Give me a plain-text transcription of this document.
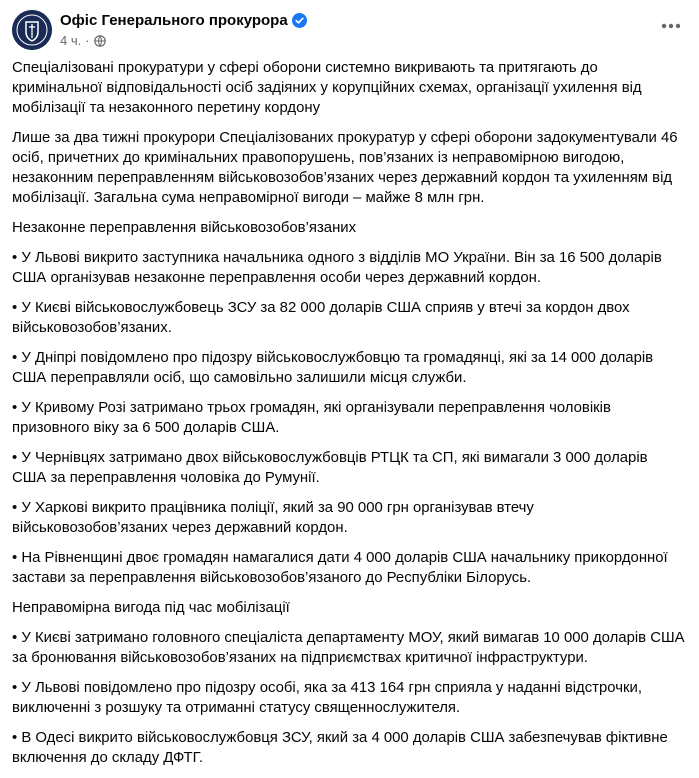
Офіс Генерального прокурора
4 ч. ·

Спеціалізовані прокуратури у сфері оборони системно викривають та притягають до кримінальної відповідальності осіб задіяних у корупційних схемах, організації ухилення від мобілізації та незаконного перетину кордону

Лише за два тижні прокурори Спеціалізованих прокуратур у сфері оборони задокументували 46 осіб, причетних до кримінальних правопорушень, пов’язаних із неправомірною вигодою, незаконним переправленням військовозобов’язаних через державний кордон та ухиленням від мобілізації. Загальна сума неправомірної вигоди – майже 8 млн грн.

Незаконне переправлення військовозобов’язаних

• У Львові викрито заступника начальника одного з відділів МО України. Він за 16 500 доларів США організував незаконне переправлення особи через державний кордон.

• У Києві військовослужбовець ЗСУ за 82 000 доларів США сприяв у втечі за кордон двох військовозобов’язаних.

• У Дніпрі повідомлено про підозру військовослужбовцю та громадянці, які за 14 000 доларів США переправляли осіб, що самовільно залишили місця служби.

• У Кривому Розі затримано трьох громадян, які організували переправлення чоловіків призовного віку за 6 500 доларів США.

• У Чернівцях затримано двох військовослужбовців РТЦК та СП, які вимагали 3 000 доларів США за переправлення чоловіка до Румунії.

• У Харкові викрито працівника поліції, який за 90 000 грн організував втечу військовозобов’язаних через державний кордон.

• На Рівненщині двоє громадян намагалися дати 4 000 доларів США начальнику прикордонної застави за переправлення військовозобов’язаного до Республіки Білорусь.

Неправомірна вигода під час мобілізації

• У Києві затримано головного спеціаліста департаменту МОУ, який вимагав 10 000 доларів США за бронювання військовозобов’язаних на підприємствах критичної інфраструктури.

• У Львові повідомлено про підозру особі, яка за 413 164 грн сприяла у наданні відстрочки, виключенні з розшуку та отриманні статусу священнослужителя.

• В Одесі викрито військовослужбовця ЗСУ, який за 4 000 доларів США забезпечував фіктивне включення до складу ДФТГ.
